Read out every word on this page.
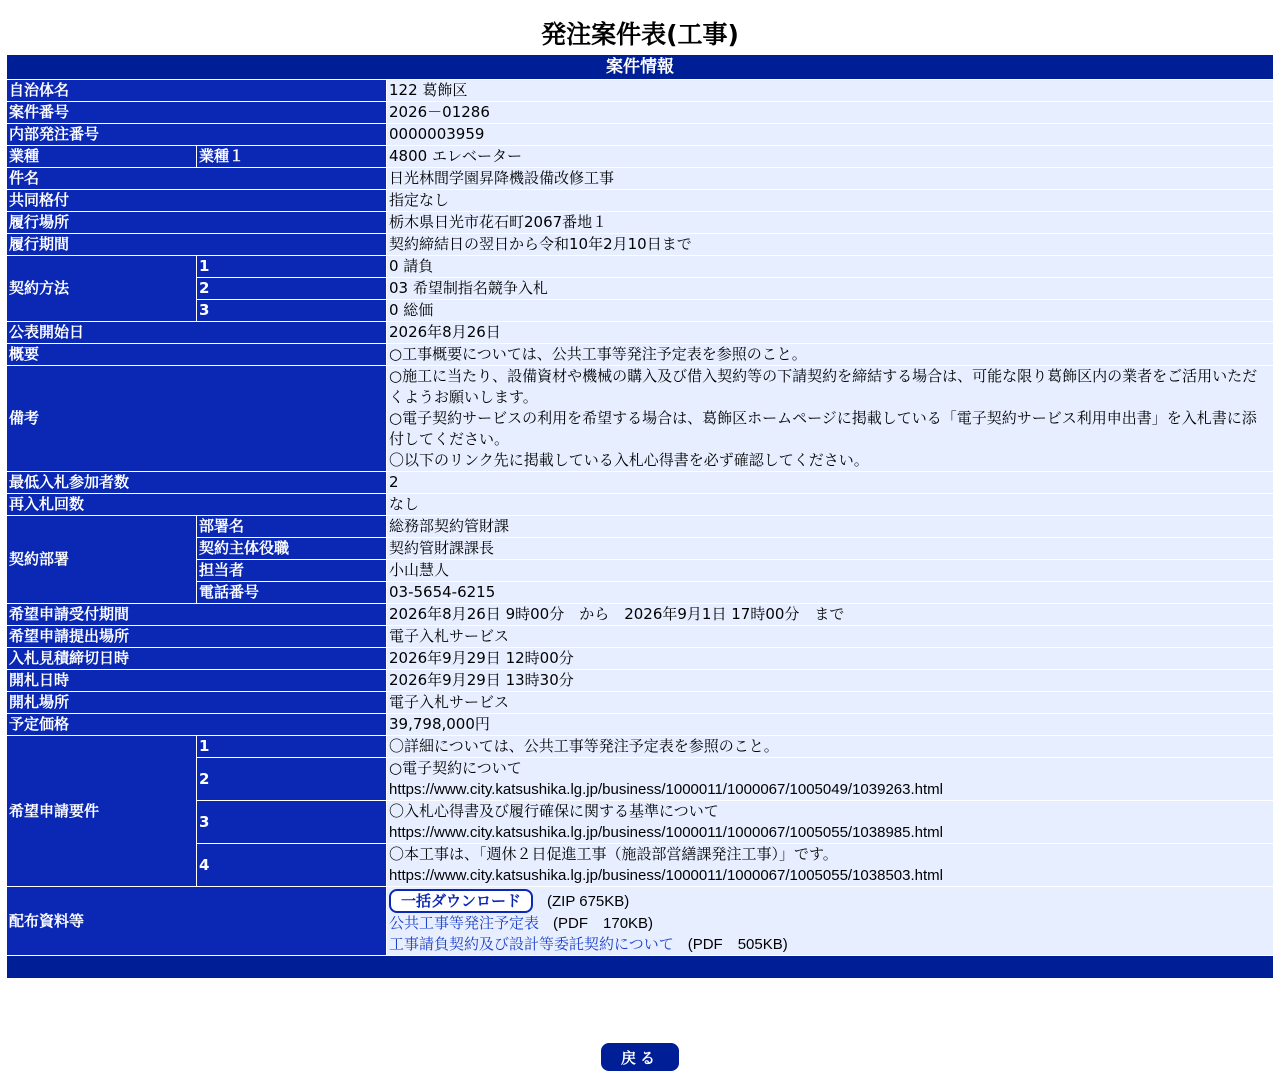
発注案件表(工事)
案件情報		
自治体名		122 葛飾区
案件番号		2026－01286
内部発注番号		0000003959
業種	業種１	4800 エレベーター
件名		日光林間学園昇降機設備改修工事
共同格付		指定なし
履行場所		栃木県日光市花石町2067番地１
履行期間		契約締結日の翌日から令和10年2月10日まで
契約方法	1	0 請負
	2	03 希望制指名競争入札
	3	0 総価
公表開始日		2026年8月26日
概要		○工事概要については、公共工事等発注予定表を参照のこと。
備考		○施工に当たり、設備資材や機械の購入及び借入契約等の下請契約を締結する場合は、可能な限り葛飾区内の業者をご活用いただくようお願いします。
○電子契約サービスの利用を希望する場合は、葛飾区ホームページに掲載している「電子契約サービス利用申出書」を入札書に添付してください。
〇以下のリンク先に掲載している入札心得書を必ず確認してください。

最低入札参加者数		2
再入札回数		なし
契約部署	部署名	総務部契約管財課
	契約主体役職	契約管財課課長
	担当者	小山慧人
	電話番号	03-5654-6215
希望申請受付期間		2026年8月26日 9時00分　から　2026年9月1日 17時00分　まで
希望申請提出場所		電子入札サービス
入札見積締切日時		2026年9月29日 12時00分
開札日時		2026年9月29日 13時30分
開札場所		電子入札サービス
予定価格		39,798,000円
希望申請要件	1	〇詳細については、公共工事等発注予定表を参照のこと。

	2	○電子契約について
https://www.city.katsushika.lg.jp/business/1000011/1000067/1005049/1039263.html

	3	〇入札心得書及び履行確保に関する基準について
https://www.city.katsushika.lg.jp/business/1000011/1000067/1005055/1038985.html

	4	〇本工事は、「週休２日促進工事（施設部営繕課発注工事）」です。
https://www.city.katsushika.lg.jp/business/1000011/1000067/1005055/1038503.html

配布資料等		一括ダウンロード (ZIP 675KB)
公共工事等発注予定表 (PDF　170KB)
工事請負契約及び設計等委託契約について (PDF　505KB)

戻る
